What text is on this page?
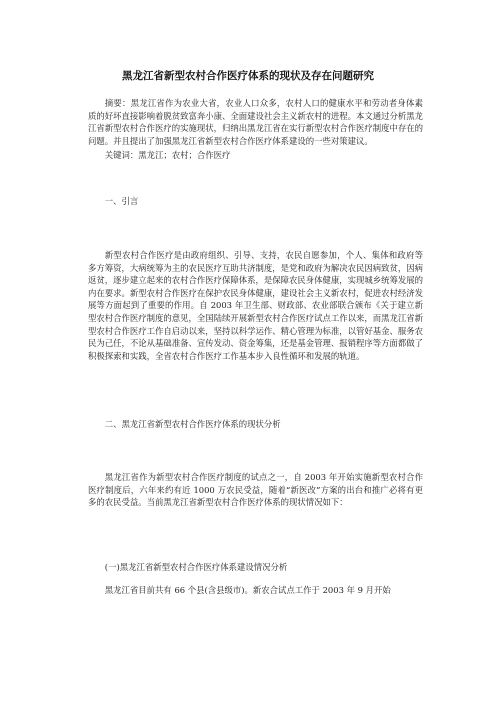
黑龙江省新型农村合作医疗体系的现状及存在问题研究

摘要：黑龙江省作为农业大省，农业人口众多，农村人口的健康水平和劳动者身体素质的好坏直接影响着脱贫致富奔小康、全面建设社会主义新农村的进程。本文通过分析黑龙江省新型农村合作医疗的实施现状，归纳出黑龙江省在实行新型农村合作医疗制度中存在的问题。并且提出了加强黑龙江省新型农村合作医疗体系建设的一些对策建议。

关键词：黑龙江；农村；合作医疗

一、引言

新型农村合作医疗是由政府组织、引导、支持，农民自愿参加，个人、集体和政府等多方筹资，大病统筹为主的农民医疗互助共济制度，是党和政府为解决农民因病致贫，因病返贫，逐步建立起来的农村合作医疗保障体系，是保障农民身体健康，实现城乡统筹发展的内在要求。新型农村合作医疗在保护农民身体健康，建设社会主义新农村，促进农村经济发展等方面起到了重要的作用。自 2003 年卫生部、财政部、农业部联合颁布《关于建立新型农村合作医疗制度的意见，全国陆续开展新型农村合作医疗试点工作以来，而黑龙江省新型农村合作医疗工作自启动以来，坚持以科学运作、精心管理为标准，以管好基金、服务农民为己任，不论从基础准备、宣传发动、资金筹集，还是基金管理、报销程序等方面都做了积极探索和实践，全省农村合作医疗工作基本步入良性循环和发展的轨道。

二、黑龙江省新型农村合作医疗体系的现状分析

黑龙江省作为新型农村合作医疗制度的试点之一，自 2003 年开始实施新型农村合作医疗制度后，六年来约有近 1000 万农民受益，随着“新医改”方案的出台和推广必将有更多的农民受益。当前黑龙江省新型农村合作医疗体系的现状情况如下：

(一)黑龙江省新型农村合作医疗体系建设情况分析

黑龙江省目前共有 66 个县(含县级市)。新农合试点工作于 2003 年 9 月开始
